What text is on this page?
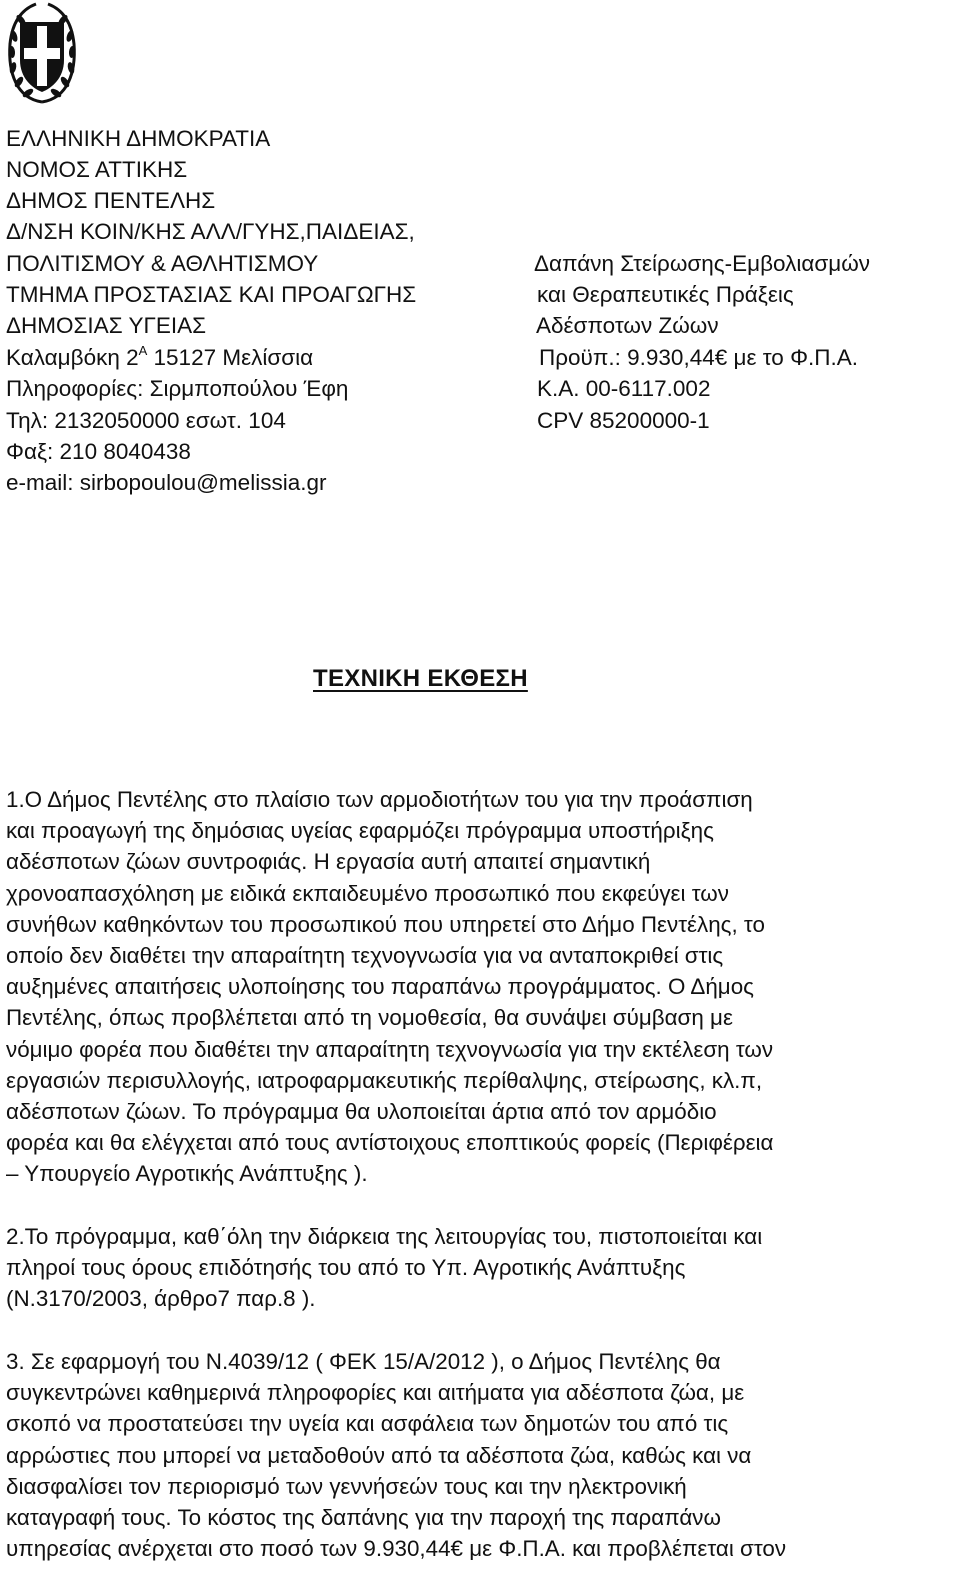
ΕΛΛΗΝΙΚΗ ΔΗΜΟΚΡΑΤΙΑ
ΝΟΜΟΣ ΑΤΤΙΚΗΣ
ΔΗΜΟΣ ΠΕΝΤΕΛΗΣ
Δ/ΝΣΗ ΚΟΙΝ/ΚΗΣ ΑΛΛ/ΓΥΗΣ,ΠΑΙΔΕΙΑΣ,
ΠΟΛΙΤΙΣΜΟΥ & ΑΘΛΗΤΙΣΜΟΥ
ΤΜΗΜΑ ΠΡΟΣΤΑΣΙΑΣ ΚΑΙ ΠΡΟΑΓΩΓΗΣ
ΔΗΜΟΣΙΑΣ ΥΓΕΙΑΣ
Καλαμβόκη $2^A$ 15127 Μελίσσια
Πληροφορίες: Σιρμποπούλου Έφη
Τηλ: 2132050000 εσωτ. 104
Φαξ: 210 8040438
e-mail: sirbopoulou@melissia.gr
Δαπάνη Στείρωσης-Εμβολιασμών
και Θεραπευτικές Πράξεις
Αδέσποτων Ζώων
Προϋπ.: 9.930,44€ με το Φ.Π.Α.
Κ.Α. 00-6117.002
CPV 85200000-1
ΤΕΧΝΙΚΗ ΕΚΘΕΣΗ

1.Ο Δήμος Πεντέλης στο πλαίσιο των αρμοδιοτήτων του για την προάσπιση
και προαγωγή της δημόσιας υγείας εφαρμόζει πρόγραμμα υποστήριξης
αδέσποτων ζώων συντροφιάς. Η εργασία αυτή απαιτεί σημαντική
χρονοαπασχόληση με ειδικά εκπαιδευμένο προσωπικό που εκφεύγει των
συνήθων καθηκόντων του προσωπικού που υπηρετεί στο Δήμο Πεντέλης, το
οποίο δεν διαθέτει την απαραίτητη τεχνογνωσία για να ανταποκριθεί στις
αυξημένες απαιτήσεις υλοποίησης του παραπάνω προγράμματος. Ο Δήμος
Πεντέλης, όπως προβλέπεται από τη νομοθεσία, θα συνάψει σύμβαση με
νόμιμο φορέα που διαθέτει την απαραίτητη τεχνογνωσία για την εκτέλεση των
εργασιών περισυλλογής, ιατροφαρμακευτικής περίθαλψης, στείρωσης, κλ.π,
αδέσποτων ζώων. Το πρόγραμμα θα υλοποιείται άρτια από τον αρμόδιο
φορέα και θα ελέγχεται από τους αντίστοιχους εποπτικούς φορείς (Περιφέρεια
– Υπουργείο Αγροτικής Ανάπτυξης ).

2.Το πρόγραμμα, καθ΄όλη την διάρκεια της λειτουργίας του, πιστοποιείται και
πληροί τους όρους επιδότησής του από το Υπ. Αγροτικής Ανάπτυξης
(Ν.3170/2003, άρθρο7 παρ.8 ).

3. Σε εφαρμογή του Ν.4039/12 ( ΦΕΚ 15/Α/2012 ), ο Δήμος Πεντέλης θα
συγκεντρώνει καθημερινά πληροφορίες και αιτήματα για αδέσποτα ζώα, με
σκοπό να προστατεύσει την υγεία και ασφάλεια των δημοτών του από τις
αρρώστιες που μπορεί να μεταδοθούν από τα αδέσποτα ζώα, καθώς και να
διασφαλίσει τον περιορισμό των γεννήσεών τους και την ηλεκτρονική
καταγραφή τους. Το κόστος της δαπάνης για την παροχή της παραπάνω
υπηρεσίας ανέρχεται στο ποσό των 9.930,44€ με Φ.Π.Α. και προβλέπεται στον
